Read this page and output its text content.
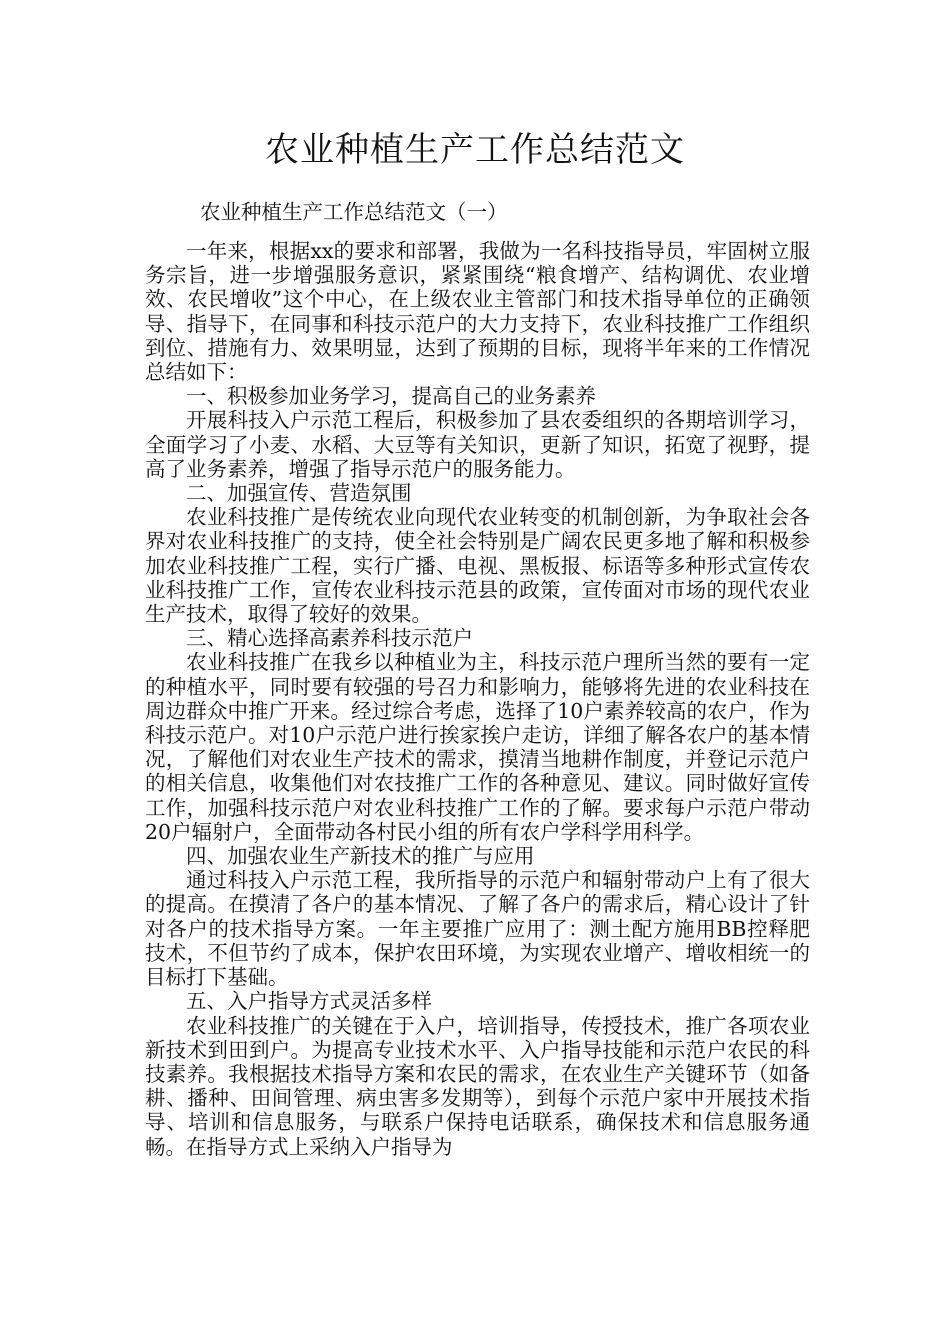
农业种植生产工作总结范文
农业种植生产工作总结范文（一）

一年来，根据xx的要求和部署，我做为一名科技指导员，牢固树立服务宗旨，进一步增强服务意识，紧紧围绕“粮食增产、结构调优、农业增效、农民增收”这个中心，在上级农业主管部门和技术指导单位的正确领导、指导下，在同事和科技示范户的大力支持下，农业科技推广工作组织到位、措施有力、效果明显，达到了预期的目标，现将半年来的工作情况总结如下：

一、积极参加业务学习，提高自己的业务素养

开展科技入户示范工程后，积极参加了县农委组织的各期培训学习，全面学习了小麦、水稻、大豆等有关知识，更新了知识，拓宽了视野，提高了业务素养，增强了指导示范户的服务能力。

二、加强宣传、营造氛围

农业科技推广是传统农业向现代农业转变的机制创新，为争取社会各界对农业科技推广的支持，使全社会特别是广阔农民更多地了解和积极参加农业科技推广工程，实行广播、电视、黑板报、标语等多种形式宣传农业科技推广工作，宣传农业科技示范县的政策，宣传面对市场的现代农业生产技术，取得了较好的效果。

三、精心选择高素养科技示范户

农业科技推广在我乡以种植业为主，科技示范户理所当然的要有一定的种植水平，同时要有较强的号召力和影响力，能够将先进的农业科技在周边群众中推广开来。经过综合考虑，选择了10户素养较高的农户，作为科技示范户。对10户示范户进行挨家挨户走访，详细了解各农户的基本情况，了解他们对农业生产技术的需求，摸清当地耕作制度，并登记示范户的相关信息，收集他们对农技推广工作的各种意见、建议。同时做好宣传工作，加强科技示范户对农业科技推广工作的了解。要求每户示范户带动20户辐射户，全面带动各村民小组的所有农户学科学用科学。

四、加强农业生产新技术的推广与应用

通过科技入户示范工程，我所指导的示范户和辐射带动户上有了很大的提高。在摸清了各户的基本情况、了解了各户的需求后，精心设计了针对各户的技术指导方案。一年主要推广应用了：测土配方施用BB控释肥技术，不但节约了成本，保护农田环境，为实现农业增产、增收相统一的目标打下基础。

五、入户指导方式灵活多样

农业科技推广的关键在于入户，培训指导，传授技术，推广各项农业新技术到田到户。为提高专业技术水平、入户指导技能和示范户农民的科技素养。我根据技术指导方案和农民的需求，在农业生产关键环节（如备耕、播种、田间管理、病虫害多发期等），到每个示范户家中开展技术指导、培训和信息服务，与联系户保持电话联系，确保技术和信息服务通畅。在指导方式上采纳入户指导为
